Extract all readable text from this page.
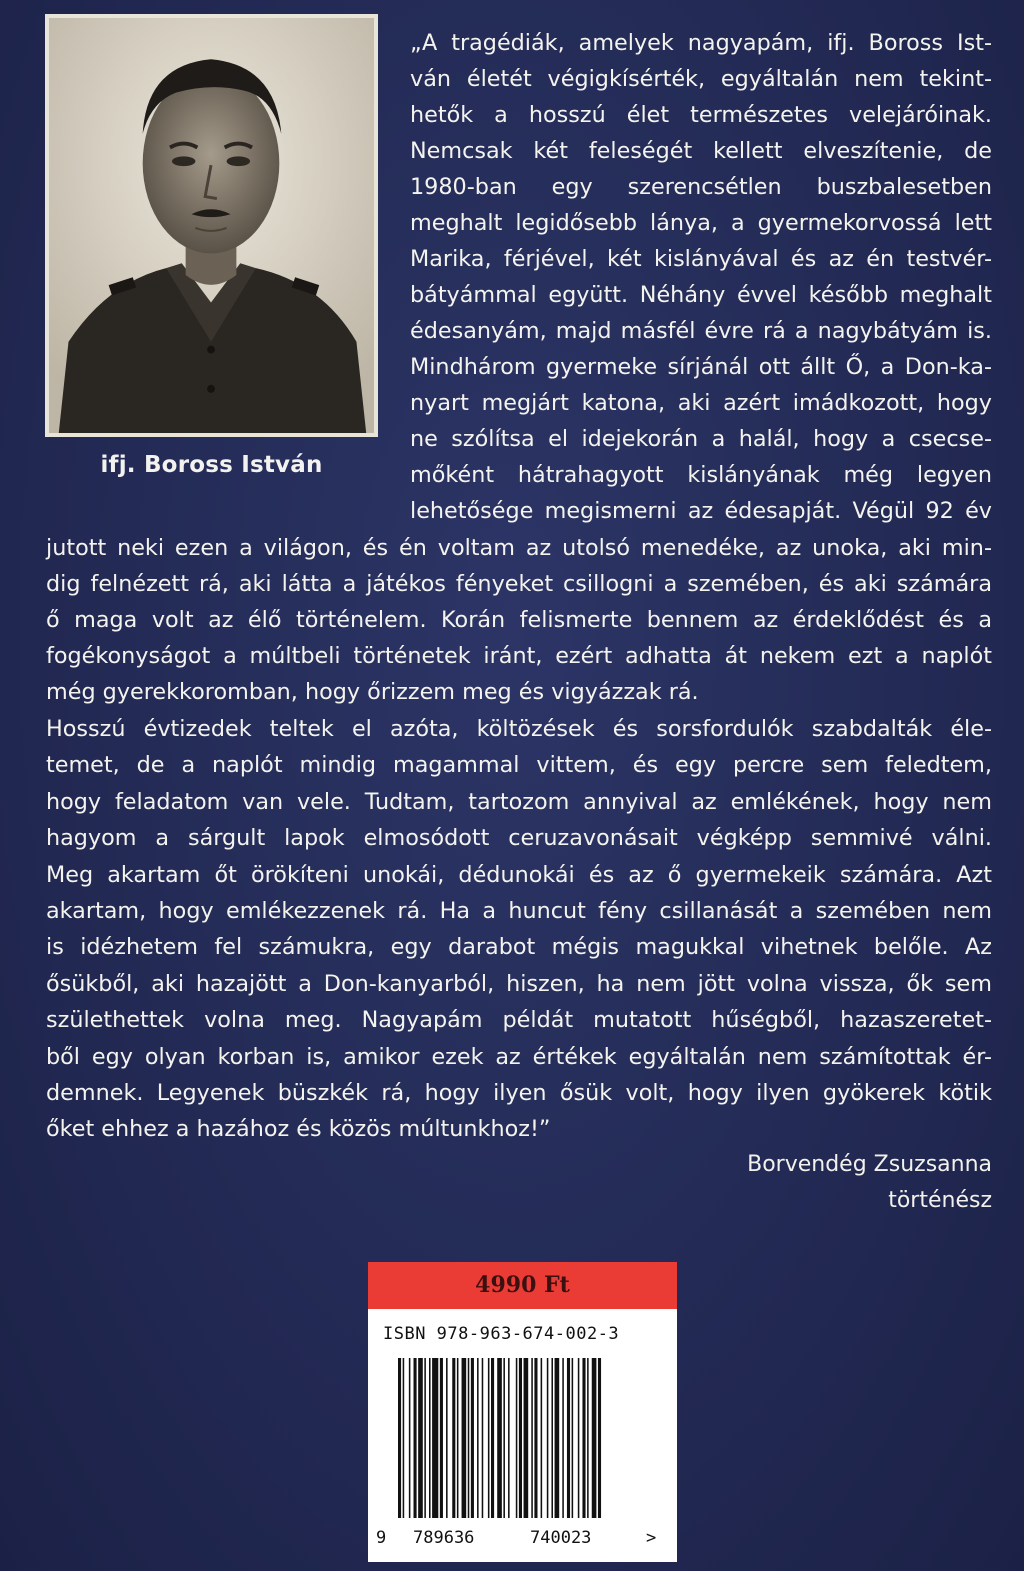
ifj. Boross István
„A tragédiák, amelyek nagyapám, ifj. Boross Ist-
ván életét végigkísérték, egyáltalán nem tekint-
hetők a hosszú élet természetes velejáróinak.
Nemcsak két feleségét kellett elveszítenie, de
1980-ban egy szerencsétlen buszbalesetben
meghalt legidősebb lánya, a gyermekorvossá lett
Marika, férjével, két kislányával és az én testvér-
bátyámmal együtt. Néhány évvel később meghalt
édesanyám, majd másfél évre rá a nagybátyám is.
Mindhárom gyermeke sírjánál ott állt Ő, a Don-ka-
nyart megjárt katona, aki azért imádkozott, hogy
ne szólítsa el idejekorán a halál, hogy a csecse-
mőként hátrahagyott kislányának még legyen
lehetősége megismerni az édesapját. Végül 92 év
jutott neki ezen a világon, és én voltam az utolsó menedéke, az unoka, aki min-
dig felnézett rá, aki látta a játékos fényeket csillogni a szemében, és aki számára
ő maga volt az élő történelem. Korán felismerte bennem az érdeklődést és a
fogékonyságot a múltbeli történetek iránt, ezért adhatta át nekem ezt a naplót
még gyerekkoromban, hogy őrizzem meg és vigyázzak rá.
Hosszú évtizedek teltek el azóta, költözések és sorsfordulók szabdalták éle-
temet, de a naplót mindig magammal vittem, és egy percre sem feledtem,
hogy feladatom van vele. Tudtam, tartozom annyival az emlékének, hogy nem
hagyom a sárgult lapok elmosódott ceruzavonásait végképp semmivé válni.
Meg akartam őt örökíteni unokái, dédunokái és az ő gyermekeik számára. Azt
akartam, hogy emlékezzenek rá. Ha a huncut fény csillanását a szemében nem
is idézhetem fel számukra, egy darabot mégis magukkal vihetnek belőle. Az
ősükből, aki hazajött a Don-kanyarból, hiszen, ha nem jött volna vissza, ők sem
születhettek volna meg. Nagyapám példát mutatott hűségből, hazaszeretet-
ből egy olyan korban is, amikor ezek az értékek egyáltalán nem számítottak ér-
demnek. Legyenek büszkék rá, hogy ilyen ősük volt, hogy ilyen gyökerek kötik
őket ehhez a hazához és közös múltunkhoz!”
Borvendég Zsuzsanna
történész
4990 Ft
ISBN 978-963-674-002-3
9 789636	740023	>
